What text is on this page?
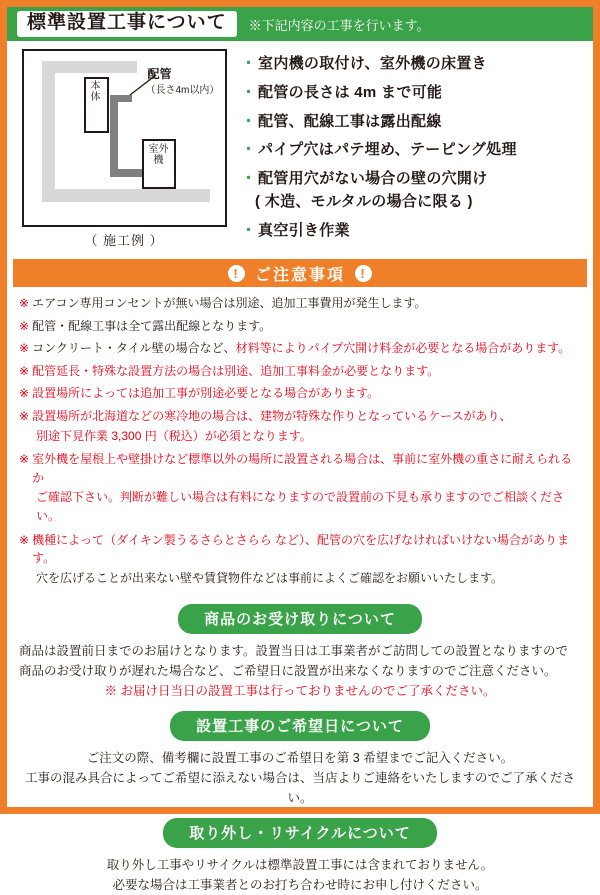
標準設置工事について	※下記内容の工事を行います。
本体
室外機
配管
（長さ4m以内）
（ 施工例 ）
・ 室内機の取付け、室外機の床置き
・ 配管の長さは 4m まで可能
・ 配管、配線工事は露出配線
・ パイプ穴はパテ埋め、テーピング処理
・ 配管用穴がない場合の壁の穴開け
( 木造、モルタルの場合に限る )
・ 真空引き作業
! ご注意事項	!
※ エアコン専用コンセントが無い場合は別途、追加工事費用が発生します。
※ 配管・配線工事は全て露出配線となります。
※ コンクリート・タイル壁の場合など、材料等によりパイプ穴開け料金が必要となる場合があります。
※ 配管延長・特殊な設置方法の場合は別途、追加工事料金が必要となります。
※ 設置場所によっては追加工事が別途必要となる場合があります。
※ 設置場所が北海道などの寒冷地の場合は、建物が特殊な作りとなっているケースがあり、
別途下見作業 3,300 円（税込）が必須となります。
※ 室外機を屋根上や壁掛けなど標準以外の場所に設置される場合は、事前に室外機の重さに耐えられるか
ご確認下さい。判断が難しい場合は有料になりますので設置前の下見も承りますのでご相談ください。
※ 機種によって（ダイキン製うるさらとさらら など）、配管の穴を広げなければいけない場合があります。
穴を広げることが出来ない壁や賃貸物件などは事前によくご確認をお願いいたします。
商品のお受け取りについて
商品は設置前日までのお届けとなります。設置当日は工事業者がご訪問しての設置となりますので
商品のお受け取りが遅れた場合など、ご希望日に設置が出来なくなりますのでご注意ください。
※ お届け日当日の設置工事は行っておりませんのでご了承ください。
設置工事のご希望日について
ご注文の際、備考欄に設置工事のご希望日を第 3 希望までご記入ください。
工事の混み具合によってご希望に添えない場合は、当店よりご連絡をいたしますのでご了承ください。
取り外し・リサイクルについて
取り外し工事やリサイクルは標準設置工事には含まれておりません。
必要な場合は工事業者とのお打ち合わせ時にお申し付けください。
